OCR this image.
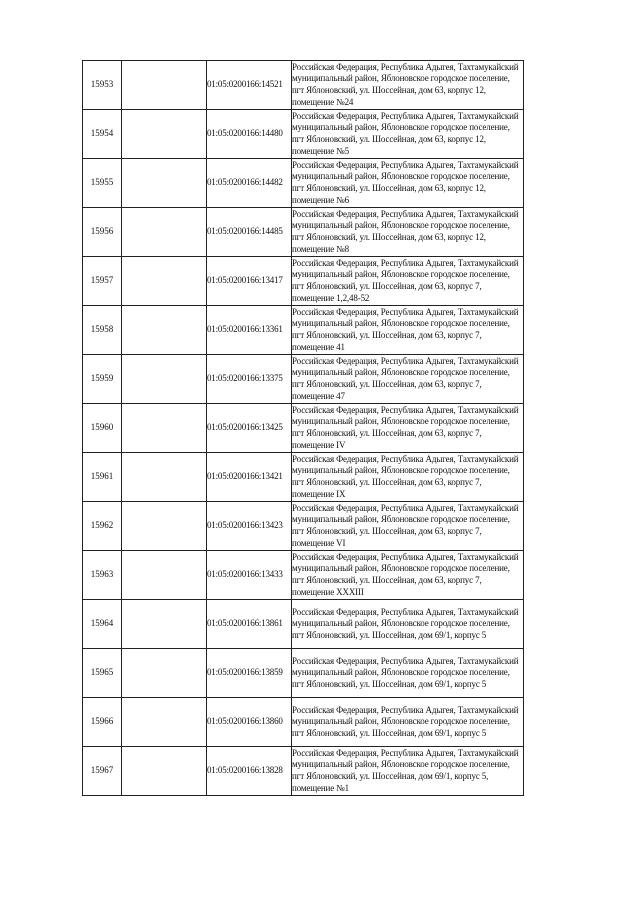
15953		01:05:0200166:14521	Российская Федерация, Республика Адыгея, Тахтамукайский
муниципальный район, Яблоновское городское поселение,
пгт Яблоновский, ул. Шоссейная, дом 63, корпус 12,
помещение №24

15954		01:05:0200166:14480	Российская Федерация, Республика Адыгея, Тахтамукайский
муниципальный район, Яблоновское городское поселение,
пгт Яблоновский, ул. Шоссейная, дом 63, корпус 12,
помещение №5

15955		01:05:0200166:14482	Российская Федерация, Республика Адыгея, Тахтамукайский
муниципальный район, Яблоновское городское поселение,
пгт Яблоновский, ул. Шоссейная, дом 63, корпус 12,
помещение №6

15956		01:05:0200166:14485	Российская Федерация, Республика Адыгея, Тахтамукайский
муниципальный район, Яблоновское городское поселение,
пгт Яблоновский, ул. Шоссейная, дом 63, корпус 12,
помещение №8

15957		01:05:0200166:13417	Российская Федерация, Республика Адыгея, Тахтамукайский
муниципальный район, Яблоновское городское поселение,
пгт Яблоновский, ул. Шоссейная, дом 63, корпус 7,
помещение 1,2,48-52

15958		01:05:0200166:13361	Российская Федерация, Республика Адыгея, Тахтамукайский
муниципальный район, Яблоновское городское поселение,
пгт Яблоновский, ул. Шоссейная, дом 63, корпус 7,
помещение 41

15959		01:05:0200166:13375	Российская Федерация, Республика Адыгея, Тахтамукайский
муниципальный район, Яблоновское городское поселение,
пгт Яблоновский, ул. Шоссейная, дом 63, корпус 7,
помещение 47

15960		01:05:0200166:13425	Российская Федерация, Республика Адыгея, Тахтамукайский
муниципальный район, Яблоновское городское поселение,
пгт Яблоновский, ул. Шоссейная, дом 63, корпус 7,
помещение IV

15961		01:05:0200166:13421	Российская Федерация, Республика Адыгея, Тахтамукайский
муниципальный район, Яблоновское городское поселение,
пгт Яблоновский, ул. Шоссейная, дом 63, корпус 7,
помещение IX

15962		01:05:0200166:13423	Российская Федерация, Республика Адыгея, Тахтамукайский
муниципальный район, Яблоновское городское поселение,
пгт Яблоновский, ул. Шоссейная, дом 63, корпус 7,
помещение VI

15963		01:05:0200166:13433	Российская Федерация, Республика Адыгея, Тахтамукайский
муниципальный район, Яблоновское городское поселение,
пгт Яблоновский, ул. Шоссейная, дом 63, корпус 7,
помещение XXXIII

15964		01:05:0200166:13861	Российская Федерация, Республика Адыгея, Тахтамукайский
муниципальный район, Яблоновское городское поселение,
пгт Яблоновский, ул. Шоссейная, дом 69/1, корпус 5

15965		01:05:0200166:13859	Российская Федерация, Республика Адыгея, Тахтамукайский
муниципальный район, Яблоновское городское поселение,
пгт Яблоновский, ул. Шоссейная, дом 69/1, корпус 5

15966		01:05:0200166:13860	Российская Федерация, Республика Адыгея, Тахтамукайский
муниципальный район, Яблоновское городское поселение,
пгт Яблоновский, ул. Шоссейная, дом 69/1, корпус 5

15967		01:05:0200166:13828	Российская Федерация, Республика Адыгея, Тахтамукайский
муниципальный район, Яблоновское городское поселение,
пгт Яблоновский, ул. Шоссейная, дом 69/1, корпус 5,
помещение №1
